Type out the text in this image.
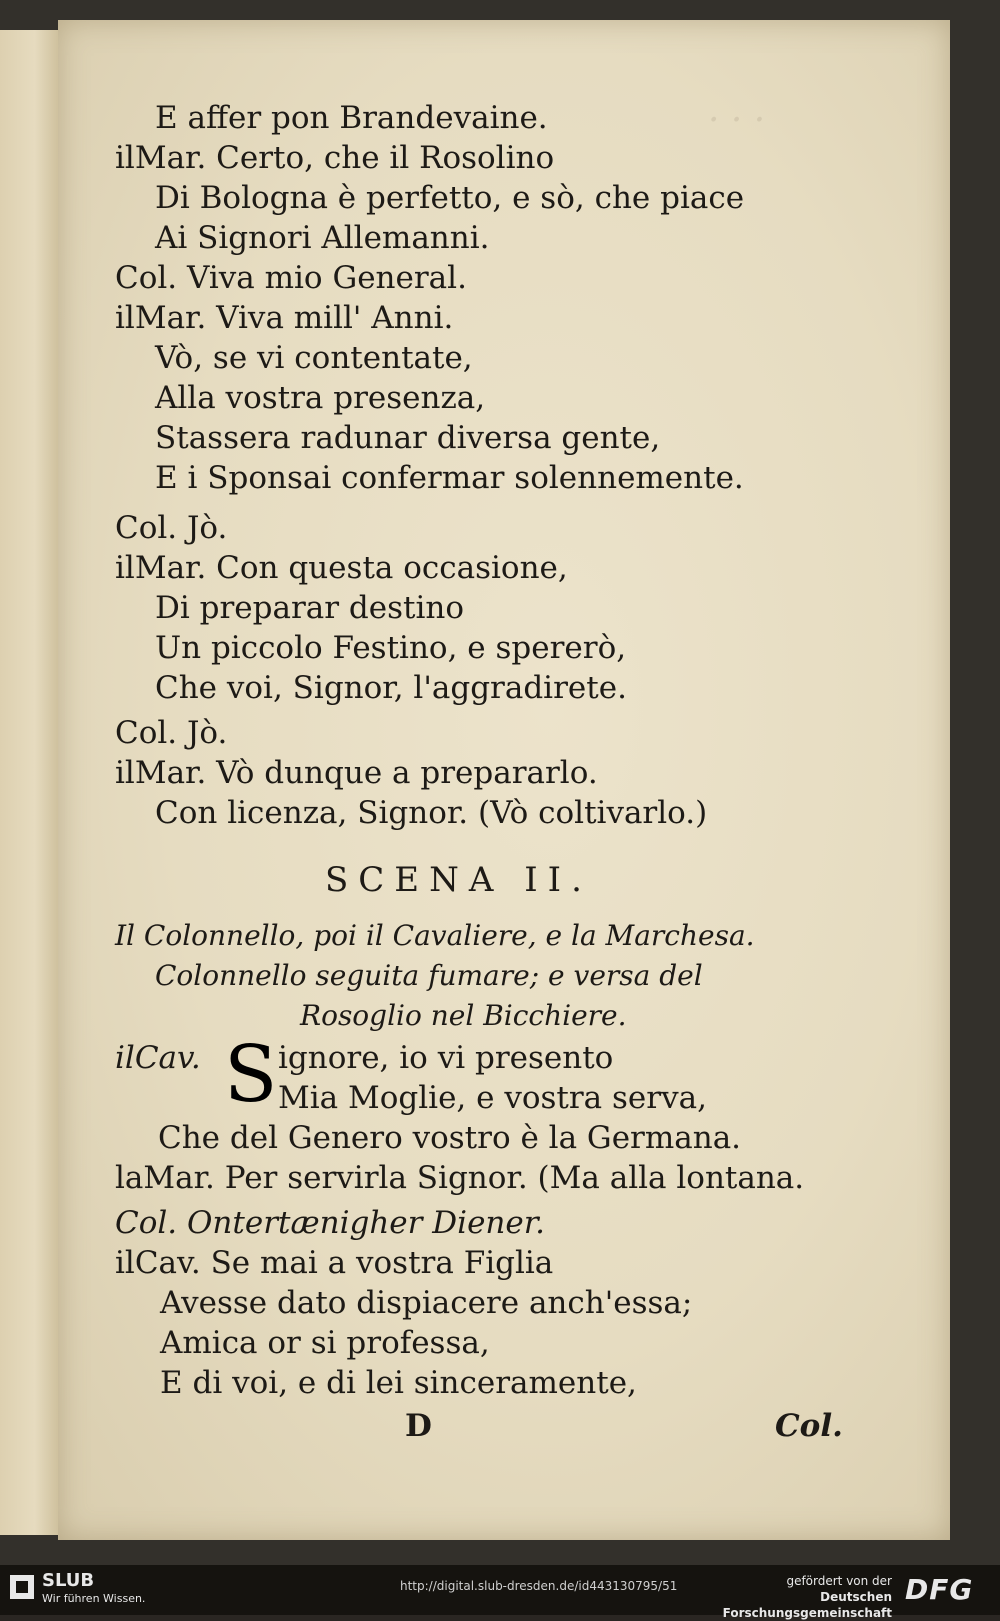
· · ·
E affer pon Brandevaine.
ilMar. Certo, che il Rosolino
Di Bologna è perfetto, e sò, che piace
Ai Signori Allemanni.
Col. Viva mio General.
ilMar. Viva mill' Anni.
Vò, se vi contentate,
Alla vostra presenza,
Stassera radunar diversa gente,
E i Sponsai confermar solennemente.
Col. Jò.
ilMar. Con questa occasione,
Di preparar destino
Un piccolo Festino, e spererò,
Che voi, Signor, l'aggradirete.
Col. Jò.
ilMar. Vò dunque a prepararlo.
Con licenza, Signor. (Vò coltivarlo.)
SCENA II.
Il Colonnello, poi il Cavaliere, e la Marchesa.
Colonnello seguita fumare; e versa del
Rosoglio nel Bicchiere.
ilCav. S ignore, io vi presento
Mia Moglie, e vostra serva,
Che del Genero vostro è la Germana.
laMar. Per servirla Signor. (Ma alla lontana.
Col. Ontertænigher Diener.
ilCav. Se mai a vostra Figlia
Avesse dato dispiacere anch'essa;
Amica or si professa,
E di voi, e di lei sinceramente,
D	Col.
SLUB
Wir führen Wissen.
http://digital.slub-dresden.de/id443130795/51	gefördert von der
Deutschen Forschungsgemeinschaft
DFG
